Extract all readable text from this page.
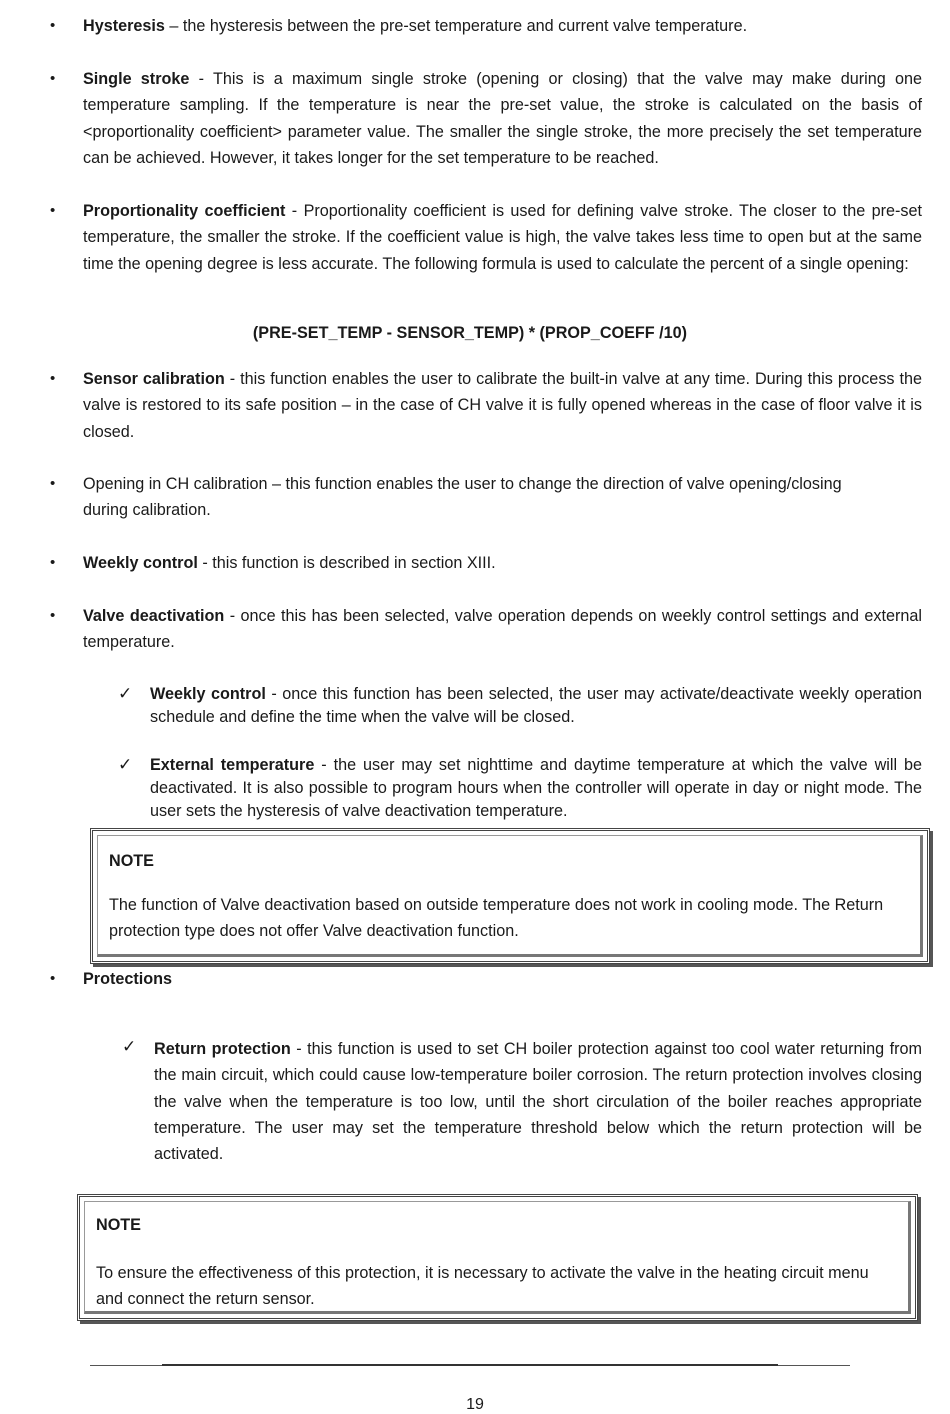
• Hysteresis – the hysteresis between the pre-set temperature and current valve temperature.
• Single stroke - This is a maximum single stroke (opening or closing) that the valve may make during one temperature sampling. If the temperature is near the pre-set value, the stroke is calculated on the basis of <proportionality coefficient> parameter value. The smaller the single stroke, the more precisely the set temperature can be achieved. However, it takes longer for the set temperature to be reached.
• Proportionality coefficient - Proportionality coefficient is used for defining valve stroke. The closer to the pre-set temperature, the smaller the stroke. If the coefficient value is high, the valve takes less time to open but at the same time the opening degree is less accurate. The following formula is used to calculate the percent of a single opening:
(PRE-SET_TEMP - SENSOR_TEMP) * (PROP_COEFF /10)
• Sensor calibration - this function enables the user to calibrate the built-in valve at any time. During this process the valve is restored to its safe position – in the case of CH valve it is fully opened whereas in the case of floor valve it is closed.
• Opening in CH calibration – this function enables the user to change the direction of valve opening/closing during calibration.
• Weekly control - this function is described in section XIII.
• Valve deactivation - once this has been selected, valve operation depends on weekly control settings and external temperature.
✓ Weekly control - once this function has been selected, the user may activate/deactivate weekly operation schedule and define the time when the valve will be closed.
✓ External temperature - the user may set nighttime and daytime temperature at which the valve will be deactivated. It is also possible to program hours when the controller will operate in day or night mode. The user sets the hysteresis of valve deactivation temperature.
NOTE
The function of Valve deactivation based on outside temperature does not work in cooling mode. The Return protection type does not offer Valve deactivation function.
• Protections
✓ Return protection - this function is used to set CH boiler protection against too cool water returning from the main circuit, which could cause low-temperature boiler corrosion. The return protection involves closing the valve when the temperature is too low, until the short circulation of the boiler reaches appropriate temperature. The user may set the temperature threshold below which the return protection will be activated.
NOTE
To ensure the effectiveness of this protection, it is necessary to activate the valve in the heating circuit menu and connect the return sensor.
19
